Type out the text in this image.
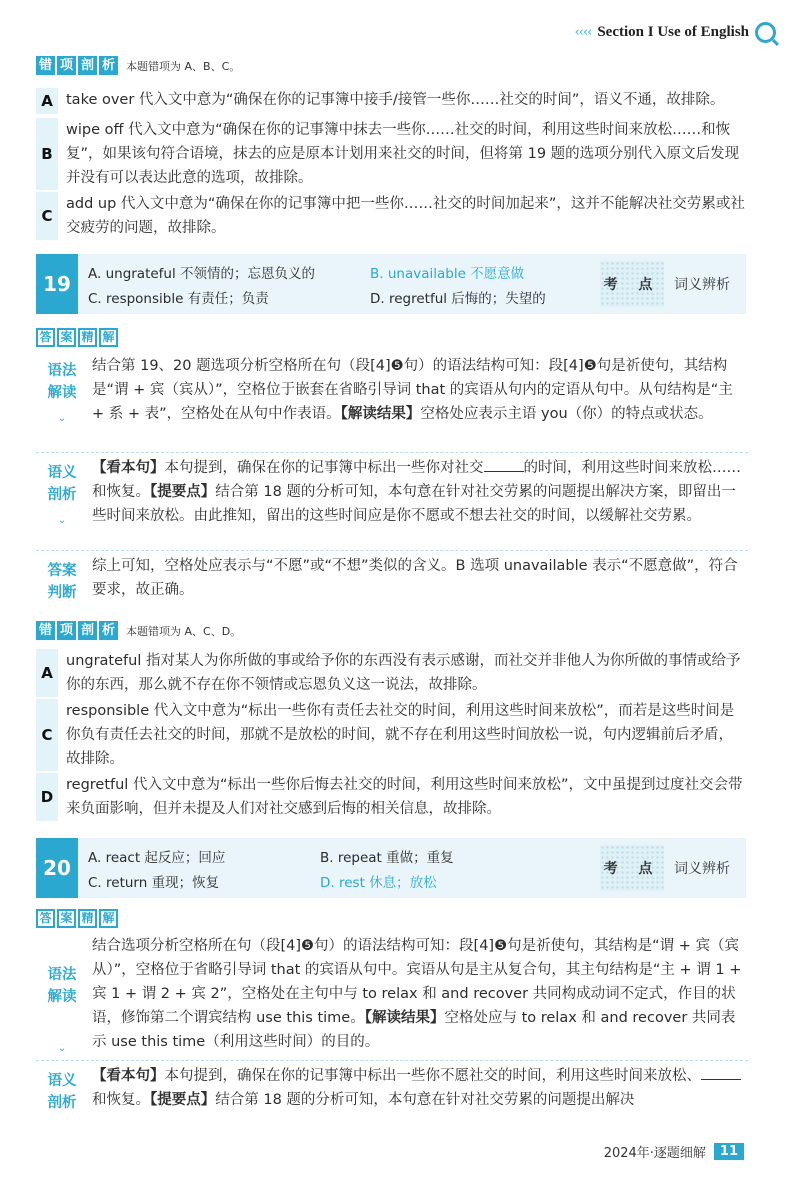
‹‹‹‹ Section I Use of English
错 项 剖 析 本题错项为 A、B、C。
A take over 代入文中意为“确保在你的记事簿中接手/接管一些你……社交的时间”，语义不通，故排除。
B
wipe off 代入文中意为“确保在你的记事簿中抹去一些你……社交的时间，利用这些时间来放松……和恢复”，如果该句符合语境，抹去的应是原本计划用来社交的时间，但将第 19 题的选项分别代入原文后发现并没有可以表达此意的选项，故排除。
C
add up 代入文中意为“确保在你的记事簿中把一些你……社交的时间加起来”，这并不能解决社交劳累或社交疲劳的问题，故排除。
19	A. ungrateful 不领情的；忘恩负义的	B. unavailable 不愿意做
C. responsible 有责任；负责	D. regretful 后悔的；失望的
考 点 词义辨析
答 案 精 解
语法
解读
⌄
结合第 19、20 题选项分析空格所在句（段[4]❺句）的语法结构可知：段[4]❺句是祈使句，其结构是“谓 + 宾（宾从）”，空格位于嵌套在省略引导词 that 的宾语从句内的定语从句中。从句结构是“主 + 系 + 表”，空格处在从句中作表语。【解读结果】空格处应表示主语 you（你）的特点或状态。
语义
剖析
⌄
【看本句】本句提到，确保在你的记事簿中标出一些你对社交	的时间，利用这些时间来放松……和恢复。【提要点】结合第 18 题的分析可知，本句意在针对社交劳累的问题提出解决方案，即留出一些时间来放松。由此推知，留出的这些时间应是你不愿或不想去社交的时间，以缓解社交劳累。
答案
判断
综上可知，空格处应表示与“不愿”或“不想”类似的含义。B 选项 unavailable 表示“不愿意做”，符合要求，故正确。
错 项 剖 析 本题错项为 A、C、D。
A
ungrateful 指对某人为你所做的事或给予你的东西没有表示感谢，而社交并非他人为你所做的事情或给予你的东西，那么就不存在你不领情或忘恩负义这一说法，故排除。
C
responsible 代入文中意为“标出一些你有责任去社交的时间，利用这些时间来放松”，而若是这些时间是你负有责任去社交的时间，那就不是放松的时间，就不存在利用这些时间放松一说，句内逻辑前后矛盾，故排除。
D
regretful 代入文中意为“标出一些你后悔去社交的时间，利用这些时间来放松”，文中虽提到过度社交会带来负面影响，但并未提及人们对社交感到后悔的相关信息，故排除。
20	A. react 起反应；回应	B. repeat 重做；重复
C. return 重现；恢复	D. rest 休息；放松
考 点 词义辨析
答 案 精 解
语法
解读
⌄
结合选项分析空格所在句（段[4]❺句）的语法结构可知：段[4]❺句是祈使句，其结构是“谓 + 宾（宾从）”，空格位于省略引导词 that 的宾语从句中。宾语从句是主从复合句，其主句结构是“主 + 谓 1 + 宾 1 + 谓 2 + 宾 2”，空格处在主句中与 to relax 和 and recover 共同构成动词不定式，作目的状语，修饰第二个谓宾结构 use this time。【解读结果】空格处应与 to relax 和 and recover 共同表示 use this time（利用这些时间）的目的。
语义
剖析
【看本句】本句提到，确保在你的记事簿中标出一些你不愿社交的时间，利用这些时间来放松、和恢复。【提要点】结合第 18 题的分析可知，本句意在针对社交劳累的问题提出解决
2024年·逐题细解	11
